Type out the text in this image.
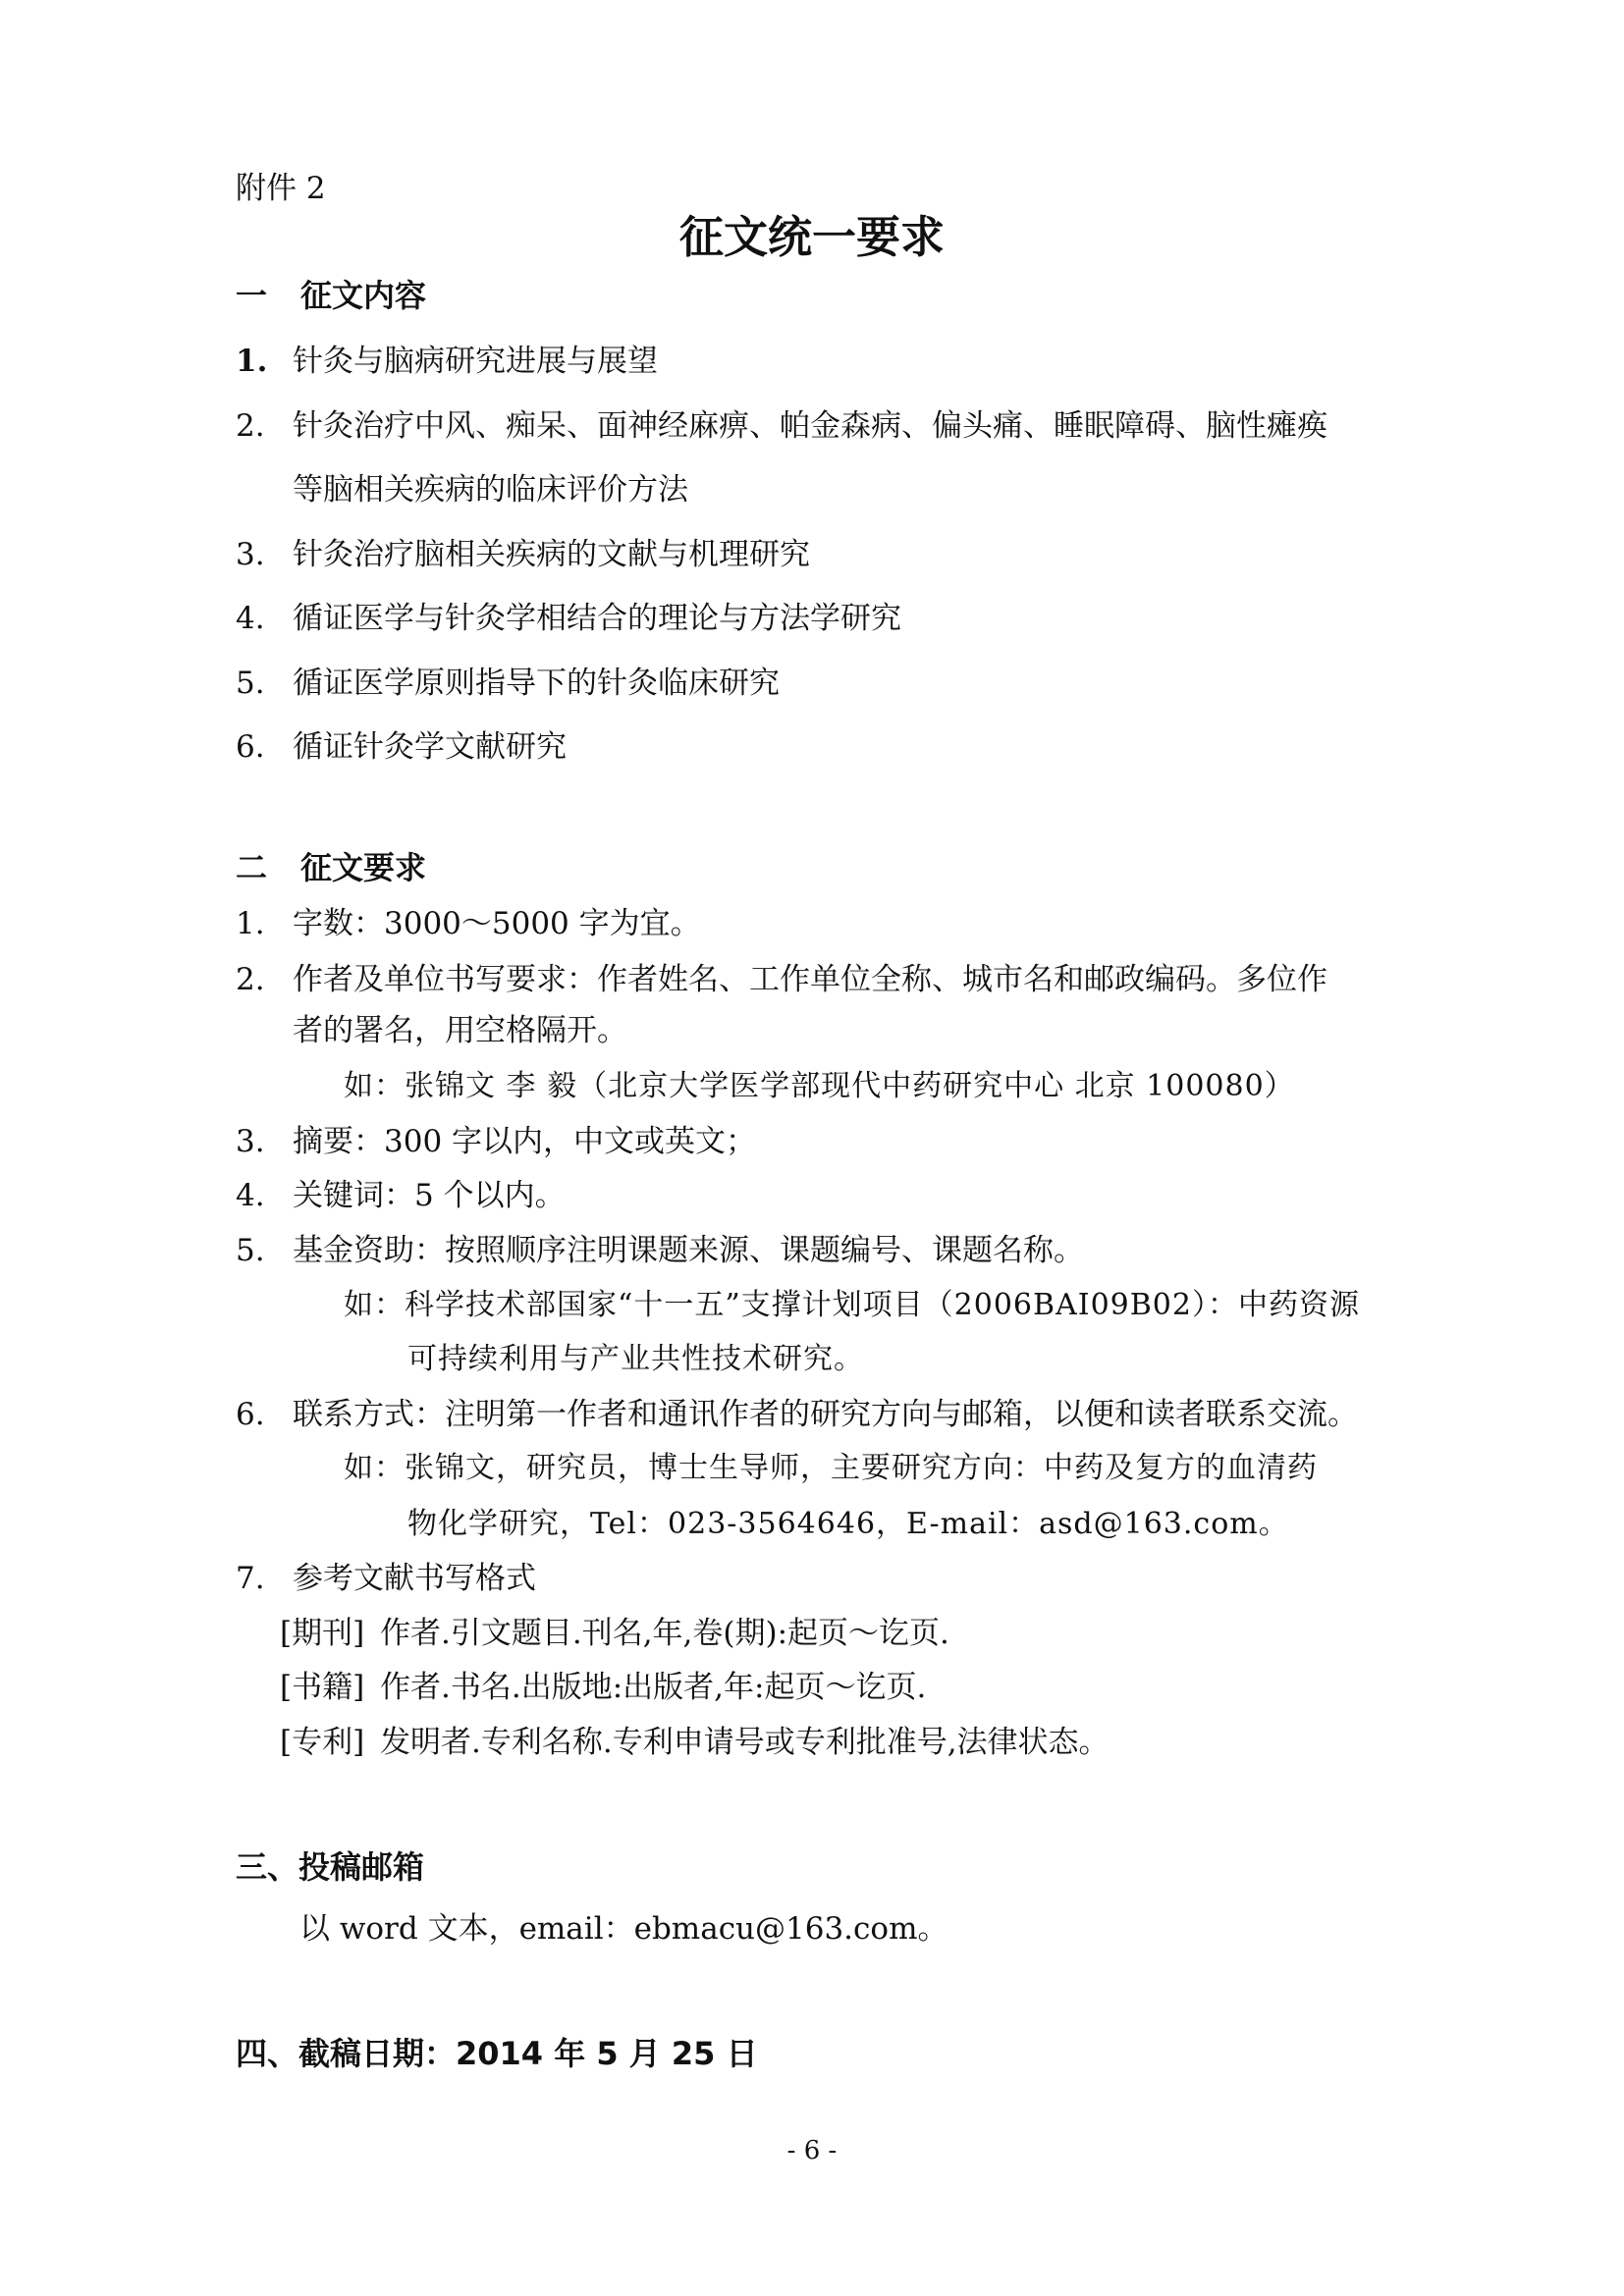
附件 2
征文统一要求
一 征文内容
1. 针灸与脑病研究进展与展望
2. 针灸治疗中风、痴呆、面神经麻痹、帕金森病、偏头痛、睡眠障碍、脑性瘫痪
等脑相关疾病的临床评价方法
3. 针灸治疗脑相关疾病的文献与机理研究
4. 循证医学与针灸学相结合的理论与方法学研究
5. 循证医学原则指导下的针灸临床研究
6. 循证针灸学文献研究
二 征文要求
1. 字数：3000～5000 字为宜。
2. 作者及单位书写要求：作者姓名、工作单位全称、城市名和邮政编码。多位作
者的署名，用空格隔开。
如：张锦文 李 毅（北京大学医学部现代中药研究中心 北京 100080）
3. 摘要：300 字以内，中文或英文；
4. 关键词：5 个以内。
5. 基金资助：按照顺序注明课题来源、课题编号、课题名称。
如：科学技术部国家“十一五”支撑计划项目（2006BAI09B02）：中药资源
可持续利用与产业共性技术研究。
6. 联系方式：注明第一作者和通讯作者的研究方向与邮箱，以便和读者联系交流。
如：张锦文，研究员，博士生导师，主要研究方向：中药及复方的血清药
物化学研究，Tel：023-3564646，E-mail：asd@163.com。
7. 参考文献书写格式
[期刊] 作者.引文题目.刊名,年,卷(期):起页～讫页.
[书籍] 作者.书名.出版地:出版者,年:起页～讫页.
[专利] 发明者.专利名称.专利申请号或专利批准号,法律状态。
三、投稿邮箱
以 word 文本，email：ebmacu@163.com。
四、截稿日期：2014 年 5 月 25 日
- 6 -
